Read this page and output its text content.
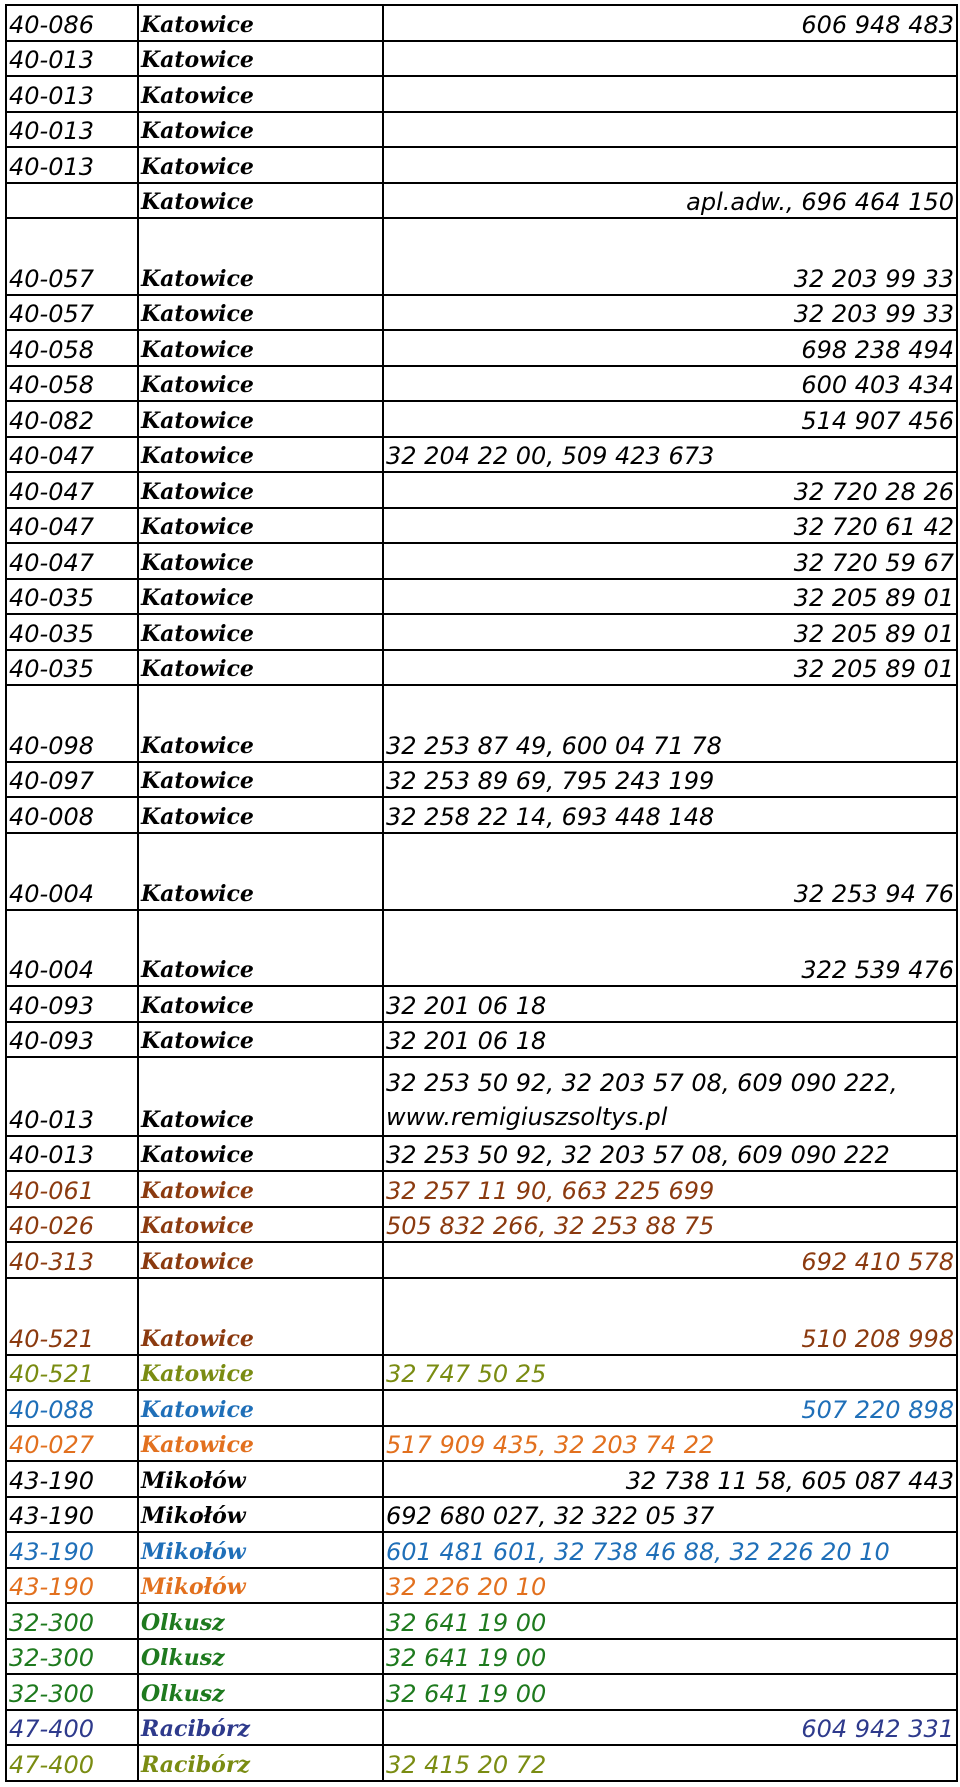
40-086	Katowice	606 948 483
40-013	Katowice	
40-013	Katowice	
40-013	Katowice	
40-013	Katowice	
	Katowice	apl.adw., 696 464 150
40-057	Katowice	32 203 99 33
40-057	Katowice	32 203 99 33
40-058	Katowice	698 238 494
40-058	Katowice	600 403 434
40-082	Katowice	514 907 456
40-047	Katowice	32 204 22 00, 509 423 673
40-047	Katowice	32 720 28 26
40-047	Katowice	32 720 61 42
40-047	Katowice	32 720 59 67
40-035	Katowice	32 205 89 01
40-035	Katowice	32 205 89 01
40-035	Katowice	32 205 89 01
40-098	Katowice	32 253 87 49, 600 04 71 78
40-097	Katowice	32 253 89 69, 795 243 199
40-008	Katowice	32 258 22 14, 693 448 148
40-004	Katowice	32 253 94 76
40-004	Katowice	322 539 476
40-093	Katowice	32 201 06 18
40-093	Katowice	32 201 06 18
40-013	Katowice	32 253 50 92, 32 203 57 08, 609 090 222, www.remigiuszsoltys.pl
40-013	Katowice	32 253 50 92, 32 203 57 08, 609 090 222
40-061	Katowice	32 257 11 90, 663 225 699
40-026	Katowice	505 832 266, 32 253 88 75
40-313	Katowice	692 410 578
40-521	Katowice	510 208 998
40-521	Katowice	32 747 50 25
40-088	Katowice	507 220 898
40-027	Katowice	517 909 435, 32 203 74 22
43-190	Mikołów	32 738 11 58, 605 087 443
43-190	Mikołów	692 680 027, 32 322 05 37
43-190	Mikołów	601 481 601, 32 738 46 88, 32 226 20 10
43-190	Mikołów	32 226 20 10
32-300	Olkusz	32 641 19 00
32-300	Olkusz	32 641 19 00
32-300	Olkusz	32 641 19 00
47-400	Racibórz	604 942 331
47-400	Racibórz	32 415 20 72
